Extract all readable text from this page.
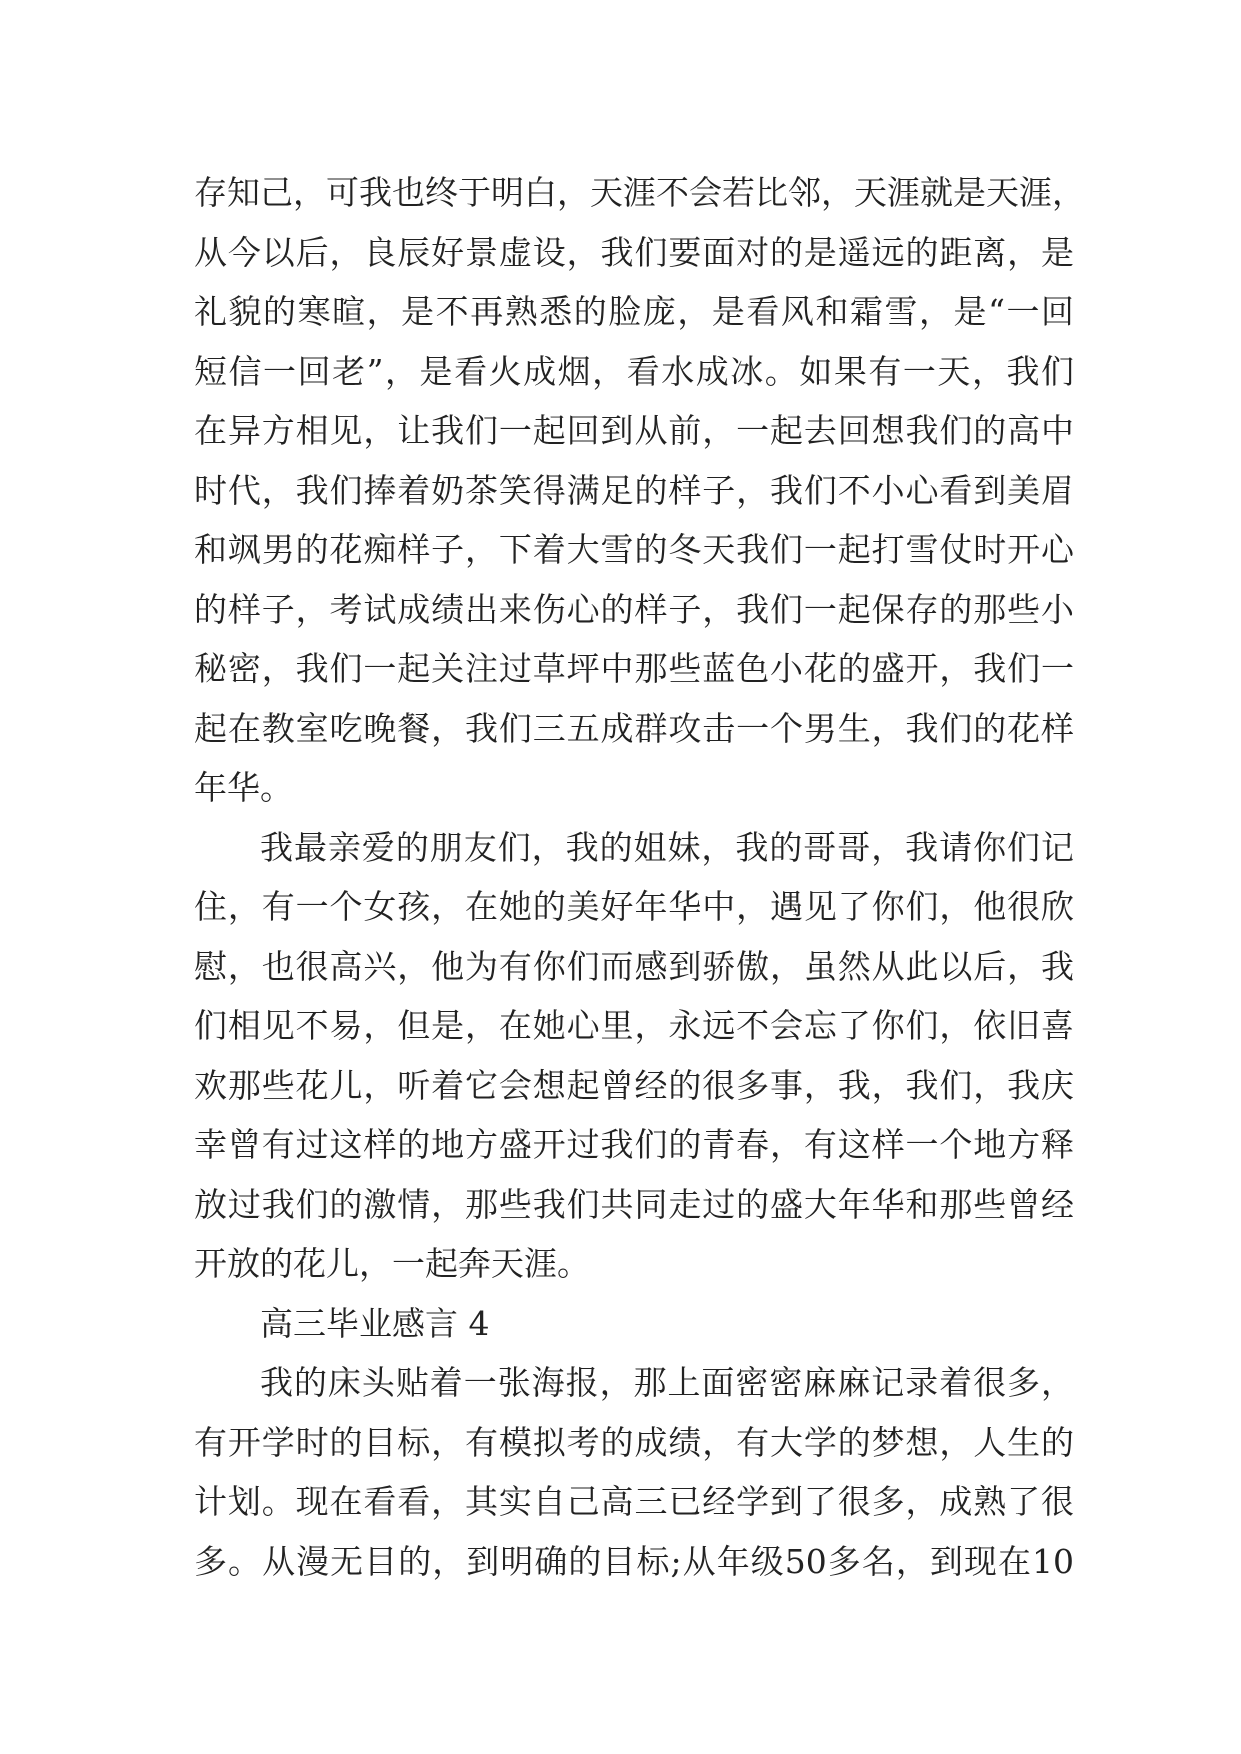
存知己，可我也终于明白，天涯不会若比邻，天涯就是天涯，
从今以后，良辰好景虚设，我们要面对的是遥远的距离，是
礼貌的寒暄，是不再熟悉的脸庞，是看风和霜雪，是“一回
短信一回老”，是看火成烟，看水成冰。如果有一天，我们
在异方相见，让我们一起回到从前，一起去回想我们的高中
时代，我们捧着奶茶笑得满足的样子，我们不小心看到美眉
和飒男的花痴样子，下着大雪的冬天我们一起打雪仗时开心
的样子，考试成绩出来伤心的样子，我们一起保存的那些小
秘密，我们一起关注过草坪中那些蓝色小花的盛开，我们一
起在教室吃晚餐，我们三五成群攻击一个男生，我们的花样
年华。
我最亲爱的朋友们，我的姐妹，我的哥哥，我请你们记
住，有一个女孩，在她的美好年华中，遇见了你们，他很欣
慰，也很高兴，他为有你们而感到骄傲，虽然从此以后，我
们相见不易，但是，在她心里，永远不会忘了你们，依旧喜
欢那些花儿，听着它会想起曾经的很多事，我，我们，我庆
幸曾有过这样的地方盛开过我们的青春，有这样一个地方释
放过我们的激情，那些我们共同走过的盛大年华和那些曾经
开放的花儿，一起奔天涯。
高三毕业感言 4
我的床头贴着一张海报，那上面密密麻麻记录着很多，
有开学时的目标，有模拟考的成绩，有大学的梦想，人生的
计划。现在看看，其实自己高三已经学到了很多，成熟了很
多。从漫无目的，到明确的目标;从年级50多名，到现在10
